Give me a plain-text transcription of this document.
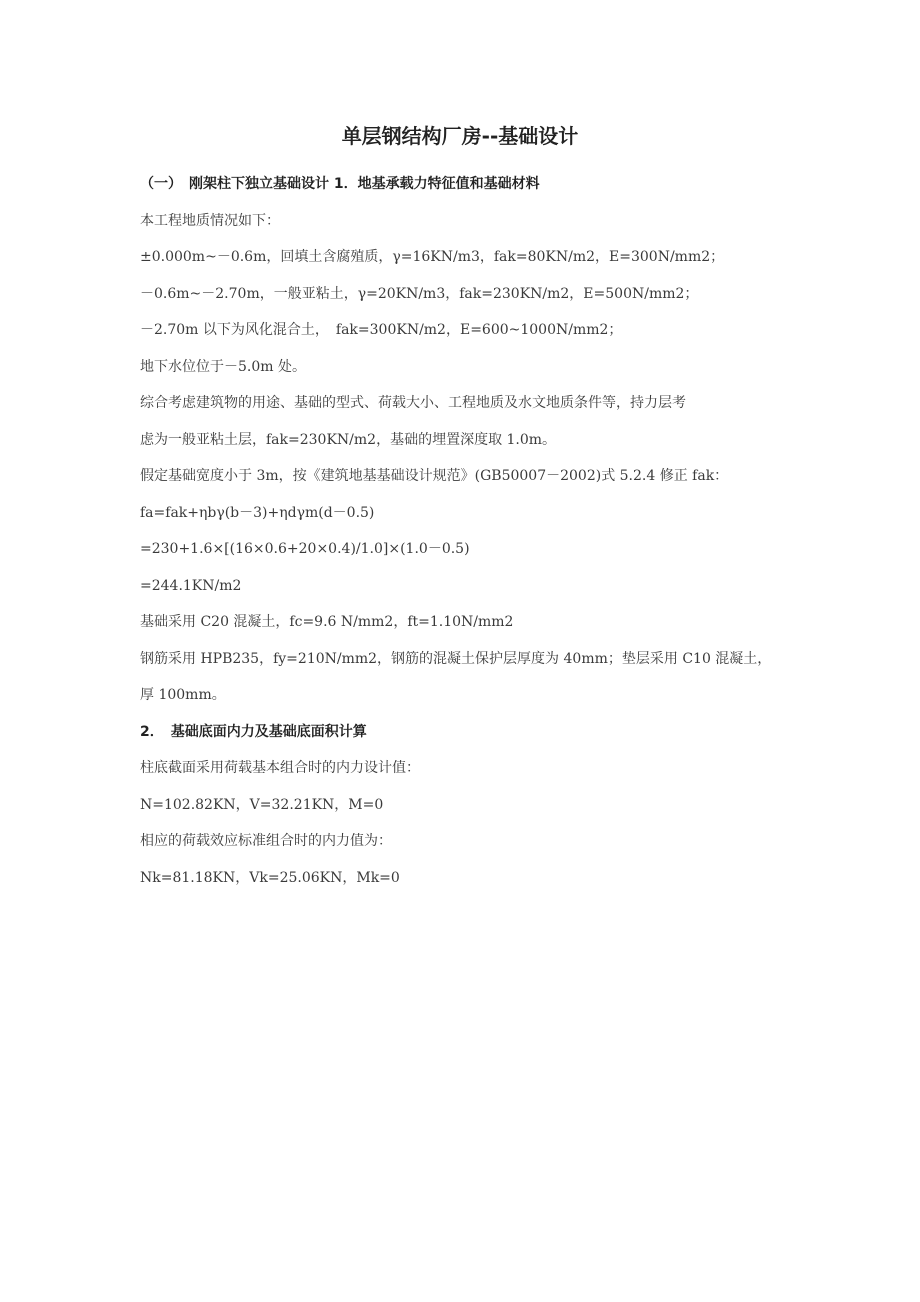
单层钢结构厂房--基础设计
（一）　刚架柱下独立基础设计 1．地基承载力特征值和基础材料
本工程地质情况如下：
±0.000m~－0.6m，回填土含腐殖质，γ=16KN/m3，fak=80KN/m2，E=300N/mm2；
－0.6m~－2.70m，一般亚粘土，γ=20KN/m3，fak=230KN/m2，E=500N/mm2；
－2.70m 以下为风化混合土，　fak=300KN/m2，E=600~1000N/mm2；
地下水位位于－5.0m 处。
综合考虑建筑物的用途、基础的型式、荷载大小、工程地质及水文地质条件等，持力层考
虑为一般亚粘土层，fak=230KN/m2，基础的埋置深度取 1.0m。
假定基础宽度小于 3m，按《建筑地基基础设计规范》(GB50007－2002)式 5.2.4 修正 fak：
fa=fak+ηbγ(b－3)+ηdγm(d－0.5)
=230+1.6×[(16×0.6+20×0.4)/1.0]×(1.0－0.5)
=244.1KN/m2
基础采用 C20 混凝土，fc=9.6 N/mm2，ft=1.10N/mm2
钢筋采用 HPB235，fy=210N/mm2，钢筋的混凝土保护层厚度为 40mm；垫层采用 C10 混凝土，
厚 100mm。
2．　基础底面内力及基础底面积计算
柱底截面采用荷载基本组合时的内力设计值：
N=102.82KN，V=32.21KN，M=0
相应的荷载效应标准组合时的内力值为：
Nk=81.18KN，Vk=25.06KN，Mk=0
